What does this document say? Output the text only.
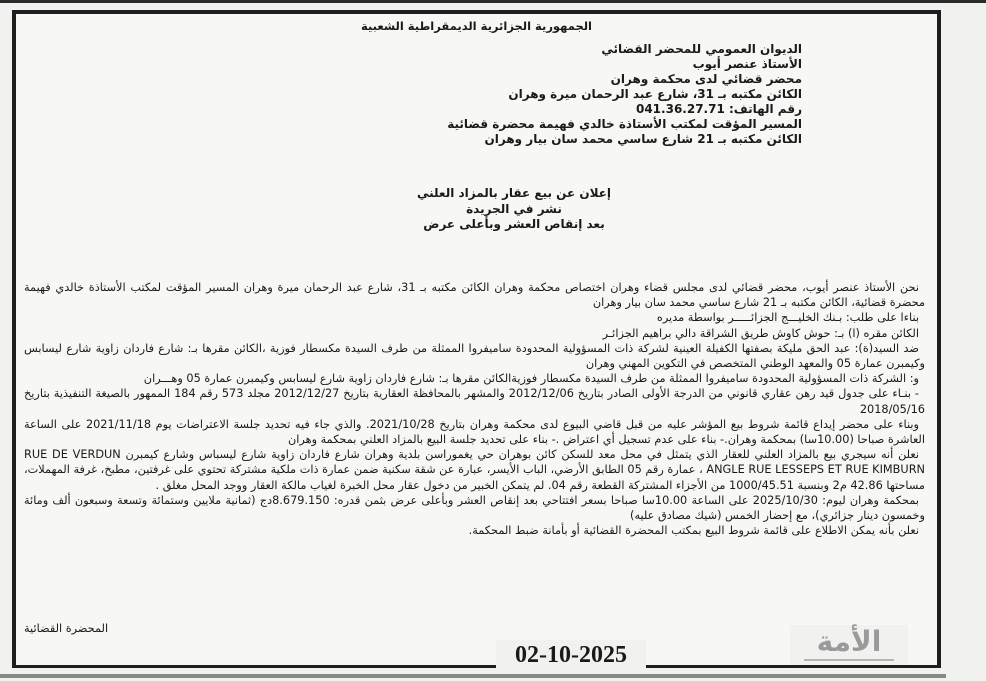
الجمهورية الجزائرية الديمقراطية الشعبية
الديوان العمومي للمحضر القضائي
الأستاذ عنصر أيوب
محضر قضائي لدى محكمة وهران
الكائن مكتبه بـ 31، شارع عبد الرحمان ميرة وهران
رقم الهاتف: 041.36.27.71
المسير المؤقت لمكتب الأستاذة خالدي فهيمة محضرة قضائية
الكائن مكتبه بـ 21 شارع ساسي محمد سان بيار وهران
إعلان عن بيع عقار بالمزاد العلني
نشر في الجريدة
بعد إنقاص العشر وبأعلى عرض

نحن الأستاذ عنصر أيوب، محضر قضائي لدى مجلس قضاء وهران اختصاص محكمة وهران الكائن مكتبه بـ 31، شارع عبد الرحمان ميرة وهران المسير المؤقت لمكتب الأستاذة خالدي فهيمة محضرة قضائية، الكائن مكتبه بـ 21 شارع ساسي محمد سان بيار وهران

بناءا على طلب: بـنك الخليـــج الجزائـــــر بواسطة مديره

الكائن مقره (ا) بـ: حوش كاوش طريق الشراقة دالي براهيم الجزائـر

ضد السيد(ة): عبد الحق مليكة بصفتها الكفيلة العينية لشركة ذات المسؤولية المحدودة ساميفروا الممثلة من طرف السيدة مكسطار فوزية ،الكائن مقرها بـ: شارع فاردان زاوية شارع ليسابس وكيمبرن عمارة 05 والمعهد الوطني المتخصص في التكوين المهني وهران

و: الشركة ذات المسؤولية المحدودة ساميفروا الممثلة من طرف السيدة مكسطار فوزيةالكائن مقرها بـ: شارع فاردان زاوية شارع ليسابس وكيمبرن عمارة 05 وهـــران

- بنـاء على جدول قيد رهن عقاري قانوني من الدرجة الأولى الصادر بتاريخ 2012/12/06 والمشهر بالمحافظة العقارية بتاريخ 2012/12/27 مجلد 573 رقم 184 الممهور بالصيغة التنفيذية بتاريخ 2018/05/16

وبناء على محضر إيداع قائمة شروط بيع المؤشر عليه من قبل قاضي البيوع لدى محكمة وهران بتاريخ 2021/10/28. والذي جاء فيه تحديد جلسة الاعتراضات يوم 2021/11/18 على الساعة العاشرة صباحا (10.00سا) بمحكمة وهران.- بناء على عدم تسجيل أي اعتراض .- بناء على تحديد جلسة البيع بالمزاد العلني بمحكمة وهران

نعلن أنه سيجري بيع بالمزاد العلني للعقار الذي يتمثل في محل معد للسكن كائن بوهران حي يغموراسن بلدية وهران شارع فاردان زاوية شارع ليسباس وشارع كيمبرن RUE DE VERDUN ANGLE RUE LESSEPS ET RUE KIMBURN ، عمارة رقم 05 الطابق الأرضي، الباب الأيسر، عبارة عن شقة سكنية ضمن عمارة ذات ملكية مشتركة تحتوي على غرفتين، مطبخ، غرفة المهملات، مساحتها 42.86 م2 وبنسبة 1000/45.51 من الأجزاء المشتركة القطعة رقم 04. لم يتمكن الخبير من دخول عقار محل الخبرة لغياب مالكة العقار ووجد المحل مغلق .

بمحكمة وهران ليوم: 2025/10/30 على الساعة 10.00سا صباحا بسعر افتتاحي بعد إنقاص العشر وبأعلى عرض بثمن قدره: 8.679.150دج (ثمانية ملايين وستمائة وتسعة وسبعون ألف ومائة وخمسون دينار جزائري)، مع إحضار الخمس (شيك مصادق عليه)

نعلن بأنه يمكن الاطلاع على قائمة شروط البيع بمكتب المحضرة القضائية أو بأمانة ضبط المحكمة.

المحضرة القضائية
02-10-2025	الأمة
